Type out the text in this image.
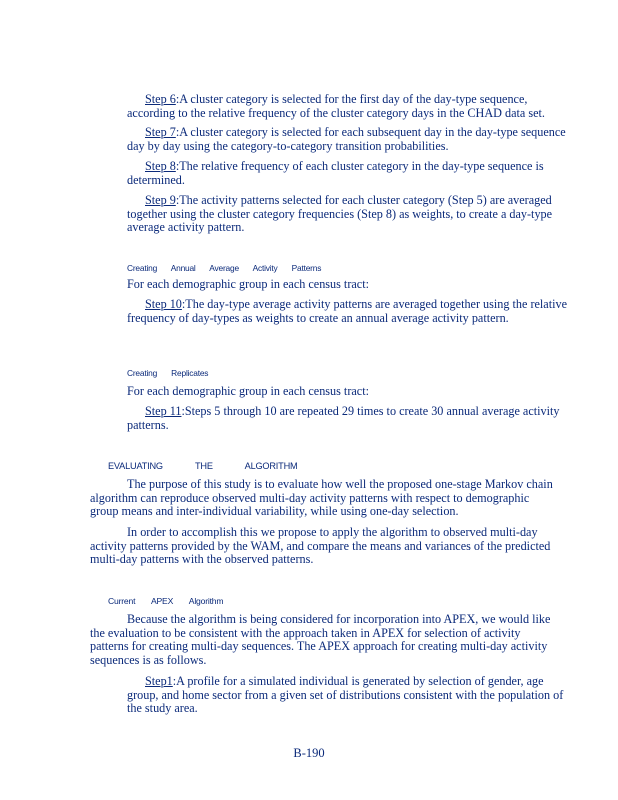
Step 6:A cluster category is selected for the first day of the day-type sequence, according to the relative frequency of the cluster category days in the CHAD data set.

Step 7:A cluster category is selected for each subsequent day in the day-type sequence day by day using the category-to-category transition probabilities.

Step 8:The relative frequency of each cluster category in the day-type sequence is determined.

Step 9:The activity patterns selected for each cluster category (Step 5) are averaged together using the cluster category frequencies (Step 8) as weights, to create a day-type average activity pattern.

Creating Annual Average Activity Patterns

For each demographic group in each census tract:

Step 10:The day-type average activity patterns are averaged together using the relative frequency of day-types as weights to create an annual average activity pattern.

Creating Replicates

For each demographic group in each census tract:

Step 11:Steps 5 through 10 are repeated 29 times to create 30 annual average activity patterns.

EVALUATING THE ALGORITHM

The purpose of this study is to evaluate how well the proposed one-stage Markov chain algorithm can reproduce observed multi-day activity patterns with respect to demographic group means and inter-individual variability, while using one-day selection.

In order to accomplish this we propose to apply the algorithm to observed multi-day activity patterns provided by the WAM, and compare the means and variances of the predicted multi-day patterns with the observed patterns.

Current APEX Algorithm

Because the algorithm is being considered for incorporation into APEX, we would like the evaluation to be consistent with the approach taken in APEX for selection of activity patterns for creating multi-day sequences. The APEX approach for creating multi-day activity sequences is as follows.

Step1:A profile for a simulated individual is generated by selection of gender, age group, and home sector from a given set of distributions consistent with the population of the study area.

B-190
